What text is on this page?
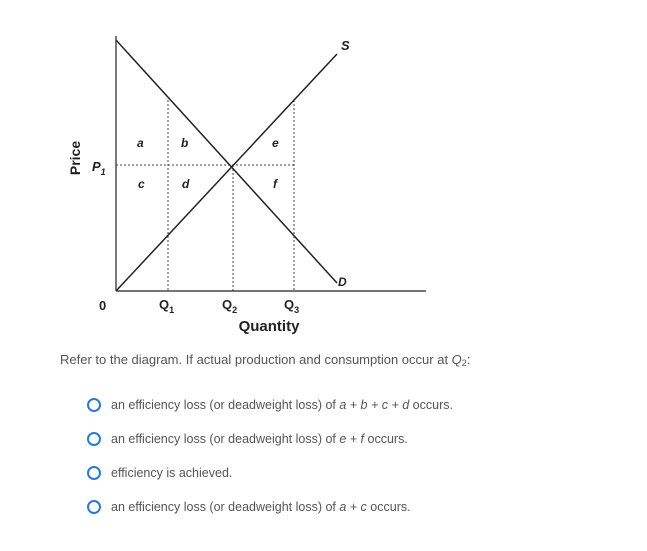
S
D
a	b	e
c	d	f
Price $P_1$
0	$Q_1$	$Q_2$	$Q_3$
Quantity
Refer to the diagram. If actual production and consumption occur at Q2:
an efficiency loss (or deadweight loss) of a + b + c + d occurs.
an efficiency loss (or deadweight loss) of e + f occurs.
efficiency is achieved.
an efficiency loss (or deadweight loss) of a + c occurs.
